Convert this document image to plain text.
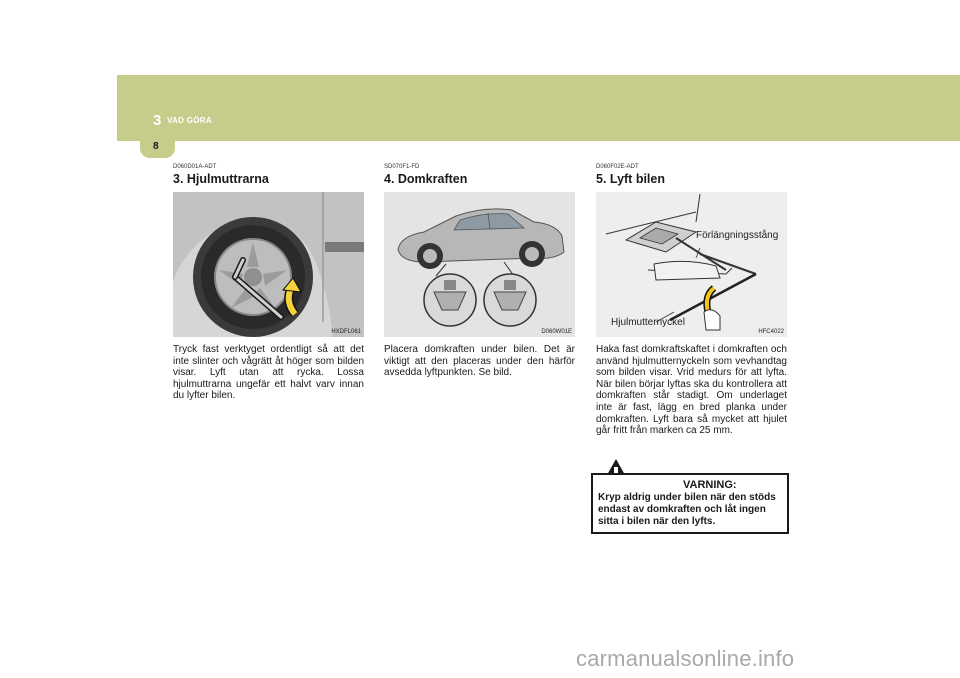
3 VAD GÖRA
8
D060D01A-ADT
3. Hjulmuttrarna
HXDFL061
Tryck fast verktyget ordentligt så att det inte slinter och vågrätt åt höger som bilden visar. Lyft utan att rycka. Lossa hjulmuttrarna ungefär ett halvt varv innan du lyfter bilen.
SD070F1-FD
4. Domkraften
D060W01E
Placera domkraften under bilen. Det är viktigt att den placeras under den härför avsedda lyftpunkten. Se bild.
D060F02E-ADT
5. Lyft bilen
Förlängningsstång
Hjulmutternyckel
HFC4022
Haka fast domkraftskaftet i domkraften och använd hjulmutternyckeln som vevhandtag som bilden visar. Vrid medurs för att lyfta. När bilen börjar lyftas ska du kontrollera att domkraften står stadigt. Om underlaget inte är fast, lägg en bred planka under domkraften. Lyft bara så mycket att hjulet går fritt från marken ca 25 mm.
VARNING:
Kryp aldrig under bilen när den stöds endast av domkraften och låt ingen sitta i bilen när den lyfts.
carmanualsonline.info
